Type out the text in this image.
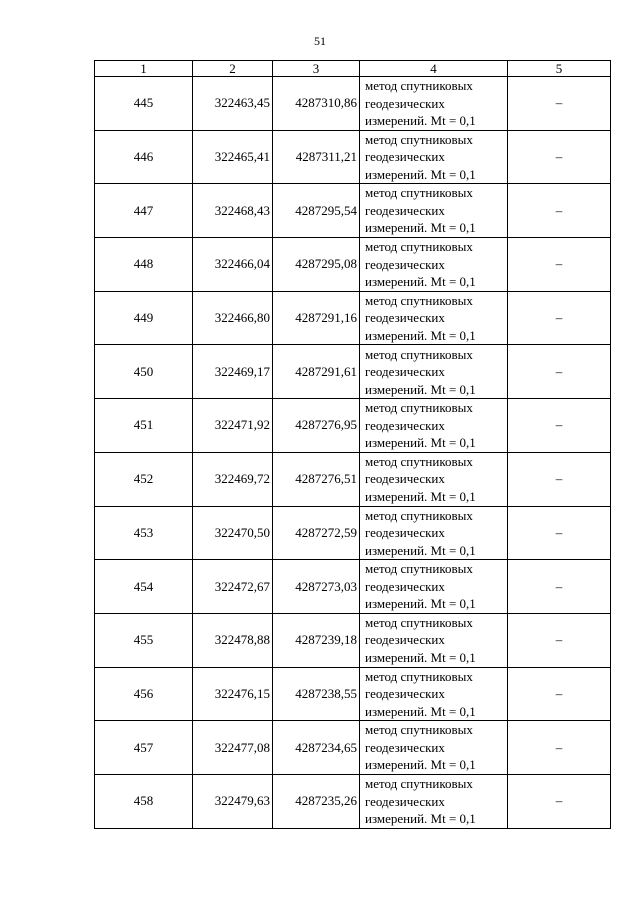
51
1	2	3	4	5
445	322463,45	4287310,86	метод спутниковых
геодезических
измерений. Mt = 0,1	–
446	322465,41	4287311,21	метод спутниковых
геодезических
измерений. Mt = 0,1	–
447	322468,43	4287295,54	метод спутниковых
геодезических
измерений. Mt = 0,1	–
448	322466,04	4287295,08	метод спутниковых
геодезических
измерений. Mt = 0,1	–
449	322466,80	4287291,16	метод спутниковых
геодезических
измерений. Mt = 0,1	–
450	322469,17	4287291,61	метод спутниковых
геодезических
измерений. Mt = 0,1	–
451	322471,92	4287276,95	метод спутниковых
геодезических
измерений. Mt = 0,1	–
452	322469,72	4287276,51	метод спутниковых
геодезических
измерений. Mt = 0,1	–
453	322470,50	4287272,59	метод спутниковых
геодезических
измерений. Mt = 0,1	–
454	322472,67	4287273,03	метод спутниковых
геодезических
измерений. Mt = 0,1	–
455	322478,88	4287239,18	метод спутниковых
геодезических
измерений. Mt = 0,1	–
456	322476,15	4287238,55	метод спутниковых
геодезических
измерений. Mt = 0,1	–
457	322477,08	4287234,65	метод спутниковых
геодезических
измерений. Mt = 0,1	–
458	322479,63	4287235,26	метод спутниковых
геодезических
измерений. Mt = 0,1	–
